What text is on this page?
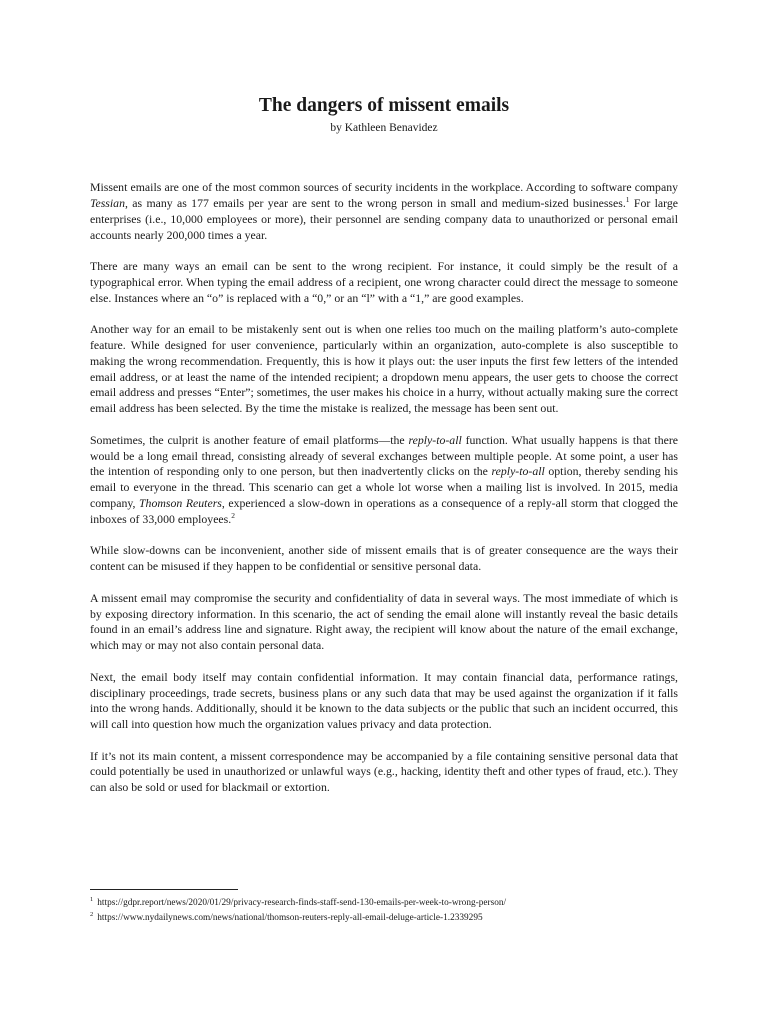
The dangers of missent emails
by Kathleen Benavidez

Missent emails are one of the most common sources of security incidents in the workplace. According to software company Tessian, as many as 177 emails per year are sent to the wrong person in small and medium-sized businesses.$^1$ For large enterprises (i.e., 10,000 employees or more), their personnel are sending company data to unauthorized or personal email accounts nearly 200,000 times a year.

There are many ways an email can be sent to the wrong recipient. For instance, it could simply be the result of a typographical error. When typing the email address of a recipient, one wrong character could direct the message to someone else. Instances where an “o” is replaced with a “0,” or an “l” with a “1,” are good examples.

Another way for an email to be mistakenly sent out is when one relies too much on the mailing platform’s auto-complete feature. While designed for user convenience, particularly within an organization, auto-complete is also susceptible to making the wrong recommendation. Frequently, this is how it plays out: the user inputs the first few letters of the intended email address, or at least the name of the intended recipient; a dropdown menu appears, the user gets to choose the correct email address and presses “Enter”; sometimes, the user makes his choice in a hurry, without actually making sure the correct email address has been selected. By the time the mistake is realized, the message has been sent out.

Sometimes, the culprit is another feature of email platforms—the reply-to-all function. What usually happens is that there would be a long email thread, consisting already of several exchanges between multiple people. At some point, a user has the intention of responding only to one person, but then inadvertently clicks on the reply-to-all option, thereby sending his email to everyone in the thread. This scenario can get a whole lot worse when a mailing list is involved. In 2015, media company, Thomson Reuters, experienced a slow-down in operations as a consequence of a reply-all storm that clogged the inboxes of 33,000 employees.$^2$

While slow-downs can be inconvenient, another side of missent emails that is of greater consequence are the ways their content can be misused if they happen to be confidential or sensitive personal data.

A missent email may compromise the security and confidentiality of data in several ways. The most immediate of which is by exposing directory information. In this scenario, the act of sending the email alone will instantly reveal the basic details found in an email’s address line and signature. Right away, the recipient will know about the nature of the email exchange, which may or may not also contain personal data.

Next, the email body itself may contain confidential information. It may contain financial data, performance ratings, disciplinary proceedings, trade secrets, business plans or any such data that may be used against the organization if it falls into the wrong hands. Additionally, should it be known to the data subjects or the public that such an incident occurred, this will call into question how much the organization values privacy and data protection.

If it’s not its main content, a missent correspondence may be accompanied by a file containing sensitive personal data that could potentially be used in unauthorized or unlawful ways (e.g., hacking, identity theft and other types of fraud, etc.). They can also be sold or used for blackmail or extortion.

$^1$ https://gdpr.report/news/2020/01/29/privacy-research-finds-staff-send-130-emails-per-week-to-wrong-person/
$^2$ https://www.nydailynews.com/news/national/thomson-reuters-reply-all-email-deluge-article-1.2339295
